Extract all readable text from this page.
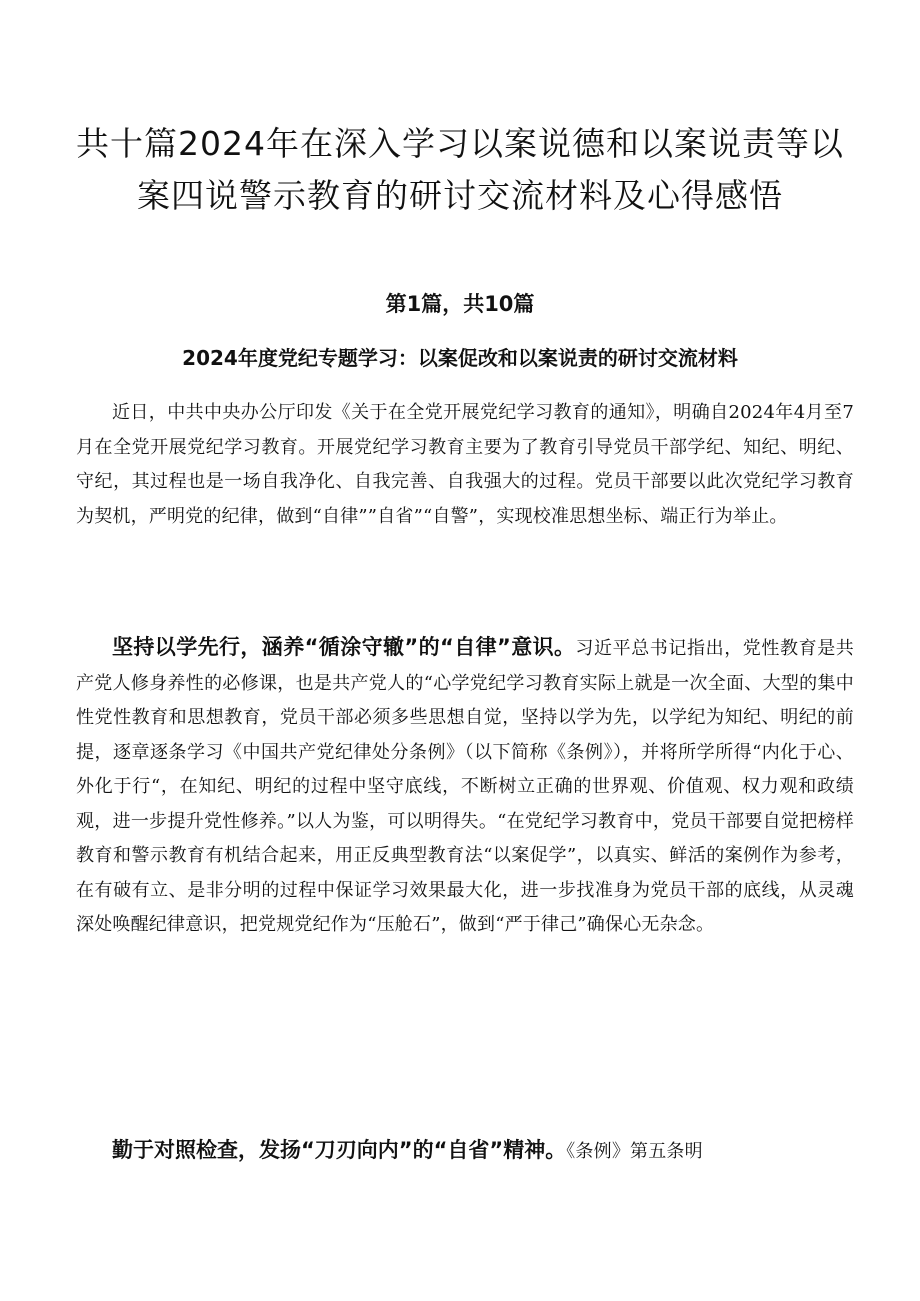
共十篇2024年在深入学习以案说德和以案说责等以案四说警示教育的研讨交流材料及心得感悟
第1篇，共10篇
2024年度党纪专题学习：以案促改和以案说责的研讨交流材料

近日，中共中央办公厅印发《关于在全党开展党纪学习教育的通知》，明确自2024年4月至7月在全党开展党纪学习教育。开展党纪学习教育主要为了教育引导党员干部学纪、知纪、明纪、守纪，其过程也是一场自我净化、自我完善、自我强大的过程。党员干部要以此次党纪学习教育为契机，严明党的纪律，做到“自律””自省”“自警”，实现校准思想坐标、端正行为举止。

坚持以学先行，涵养“循涂守辙”的“自律”意识。习近平总书记指出，党性教育是共产党人修身养性的必修课，也是共产党人的“心学党纪学习教育实际上就是一次全面、大型的集中性党性教育和思想教育，党员干部必须多些思想自觉，坚持以学为先，以学纪为知纪、明纪的前提，逐章逐条学习《中国共产党纪律处分条例》（以下简称《条例》），并将所学所得“内化于心、外化于行“，在知纪、明纪的过程中坚守底线，不断树立正确的世界观、价值观、权力观和政绩观，进一步提升党性修养。”以人为鉴，可以明得失。“在党纪学习教育中，党员干部要自觉把榜样教育和警示教育有机结合起来，用正反典型教育法“以案促学”，以真实、鲜活的案例作为参考，在有破有立、是非分明的过程中保证学习效果最大化，进一步找准身为党员干部的底线，从灵魂深处唤醒纪律意识，把党规党纪作为“压舱石”，做到“严于律己”确保心无杂念。

勤于对照检查，发扬“刀刃向内”的“自省”精神。《条例》第五条明
